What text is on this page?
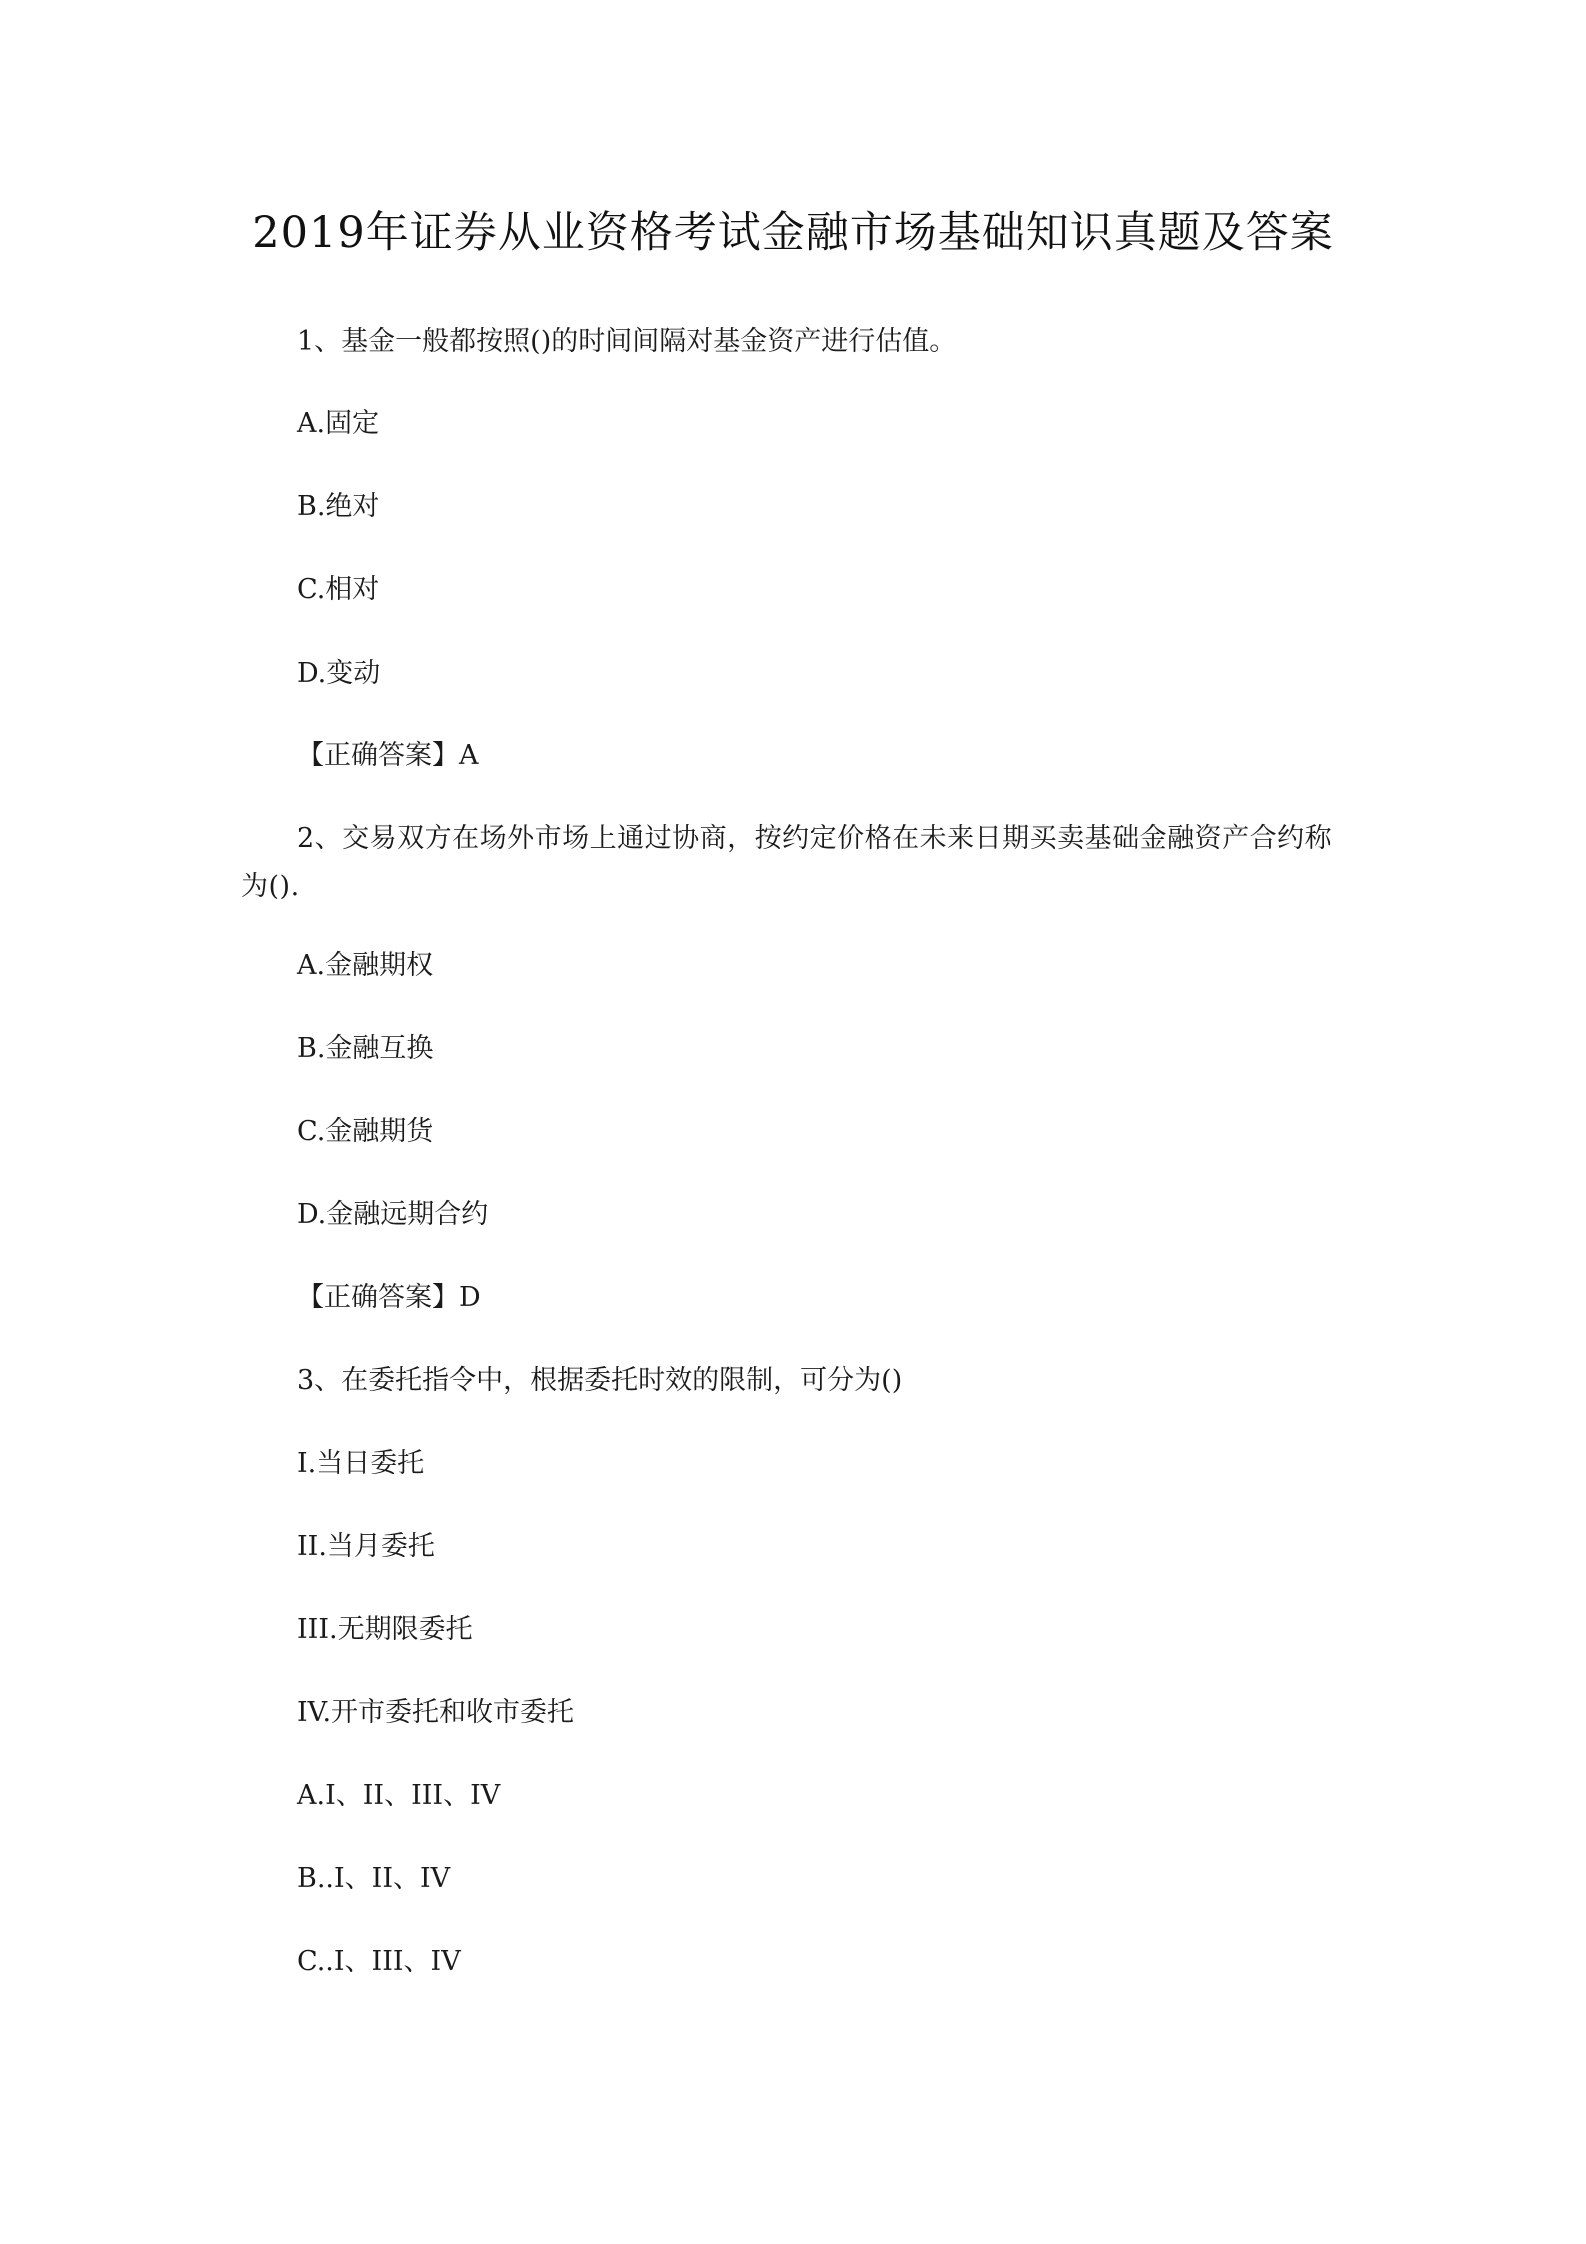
2019年证券从业资格考试金融市场基础知识真题及答案
1、基金一般都按照()的时间间隔对基金资产进行估值。
A.固定
B.绝对
C.相对
D.变动
【正确答案】A
2、交易双方在场外市场上通过协商，按约定价格在未来日期买卖基础金融资产合约称为().
A.金融期权
B.金融互换
C.金融期货
D.金融远期合约
【正确答案】D
3、在委托指令中，根据委托时效的限制，可分为()
I.当日委托
II.当月委托
III.无期限委托
IV.开市委托和收市委托
A.I、II、III、IV
B..I、II、IV
C..I、III、IV
